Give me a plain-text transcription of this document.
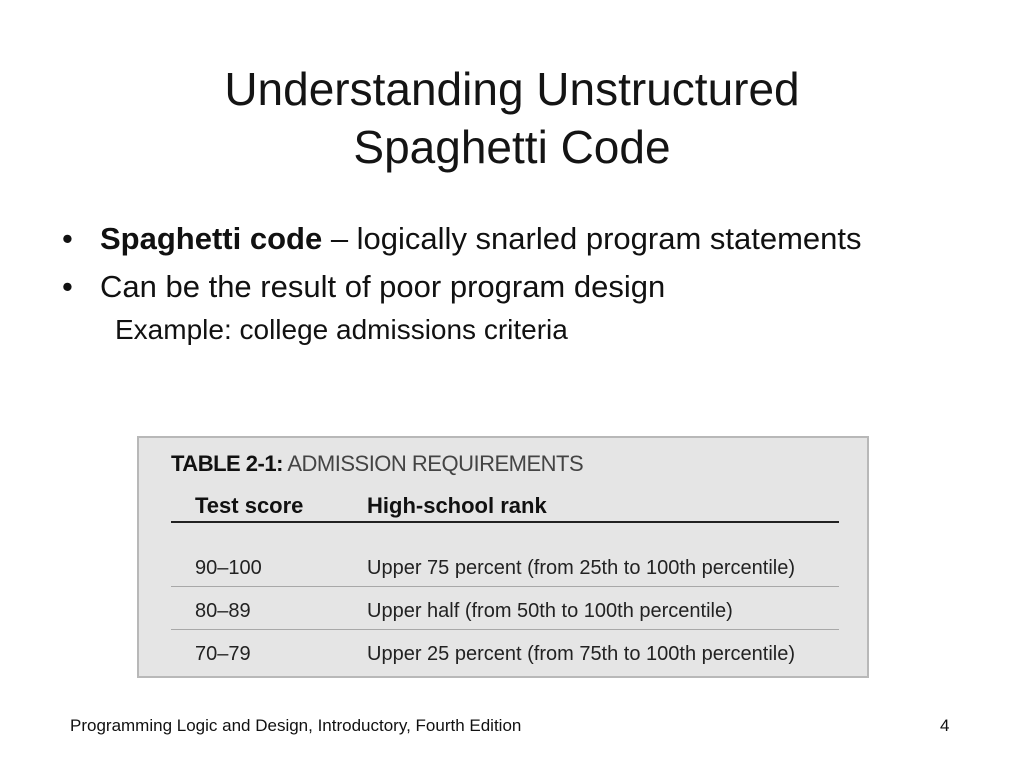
Understanding Unstructured
Spaghetti Code
• Spaghetti code – logically snarled program statements
• Can be the result of poor program design
Example: college admissions criteria
TABLE 2-1: ADMISSION REQUIREMENTS
Test score	High-school rank
90–100	Upper 75 percent (from 25th to 100th percentile)
80–89	Upper half (from 50th to 100th percentile)
70–79	Upper 25 percent (from 75th to 100th percentile)
Programming Logic and Design, Introductory, Fourth Edition	4
